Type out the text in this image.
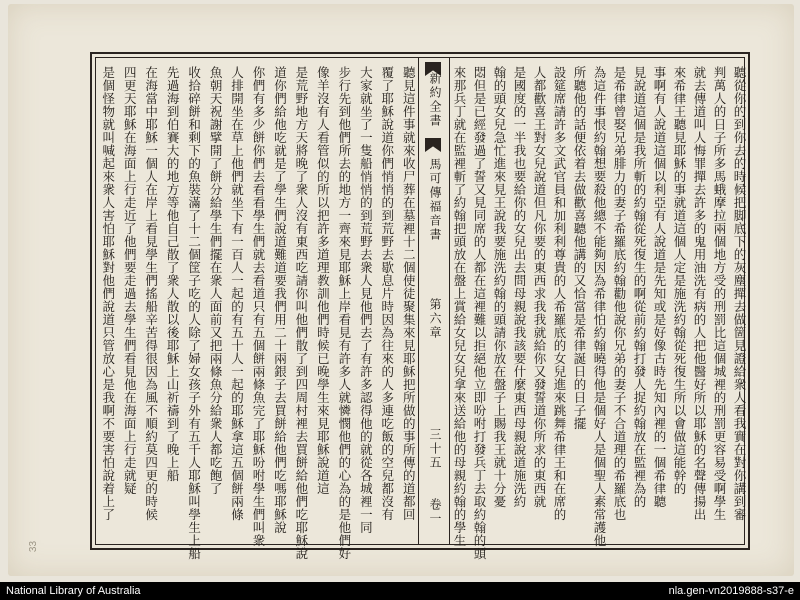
新約全書
馬可傳福音書
第六章
三十五
卷一	聽從你的到你去的時候把脚底下的灰塵撣去做箇見證給衆人看我實在對你講到審
判萬人的日子所多馬蛾摩拉兩個地方受的刑罰比這個城裡的刑罰更容易受啊學生
就去傳道叫人悔罪撣去許多的鬼用油洗有病的人把他醫好所以耶穌的名聲傳揚出
來希律王聽見耶穌的事就道這個人定是施洗約翰從死復生所以會做這能幹的
事啊有人說道這個以利亞有人說道是先知或是好像古時先知內裡的一個希律聽
見說道這個是我所斬的約翰從死復生的啊從前約翰打發人捉約翰放在監裡為的
是希律曾娶兄弟腓力的妻子希羅底約翰勸他說你兄弟的妻子不合道理的希羅底也
為這件事恨約翰想要殺他總不能夠因為希律怕約翰曉得他是個好人是個聖人素常護他
所聽他的話便依着去做歡喜聽他講的又恰當是希律誕日的日子擺
設筵席請許多文武官員和加利利尊貴的人希羅底的女兒進來跳舞希律王和在席的
人都歡喜王對女兒說道但凡你要的東西求我我就給你又發誓道你所求的東西就
是國度的一半我也要給你的女兒出去問母親說我該要什麼東西母親說道施洗約
翰的頭女兒急忙進來見王說我要施洗約翰的頭請你放在盤子上賜我王就十分憂
悶但是已經發過了誓又見同席的人都在這裡難以拒絕他立即吩咐打發兵丁去取約翰的頭
來那兵丁就在監裡斬了約翰把頭放在盤上賞給女兒女兒拿來送給他的母親約翰的學生
聽見這件事就來收尸葬在墓裡十二個使徒聚集來見耶穌把所做的事所傳的道都回
覆了耶穌說道你們悄悄的到荒野去歇息片時因為往來的人多連吃飯的空兒都沒有
大家就坐了一隻船悄悄的到荒野去衆人見他們去了有許多認得他的就從各城裡一同
步行先到他們所去的地方一齊來見耶穌上岸看見有許多人就憐憫他們的心為的是他們好
像羊沒有人看管似的所以把許多道理教訓他們時候已晚學生來見耶穌說道這
是荒野地方天將晚了衆人沒有東西吃請你叫他們散了到四周村裡去買餅給他們吃耶穌說
道你們給他吃就是了學生們說道難道要我們用二十兩銀子去買餅給他們吃嗎耶穌說
你們有多少餅你們去看看學生們就去看道只有五個餅兩條魚完了耶穌吩咐學生們叫衆
人排開坐在草上他們就坐下有一百人一起的有五十人一起的耶穌拿這五個餅兩條
魚朝天祝謝擘開了餅分給學生們擺在衆人面前又把兩條魚分給衆人都吃飽了
收拾碎餅和剩下的魚裝滿了十二個筐子吃的人除了婦女孩子外有五千人耶穌叫學生上船
先過海到伯賽大的地方等他自己散了衆人散以後耶穌上山祈禱到了晚上船
在海當中耶穌一個人在岸上看見學生們搖船辛苦得很因為風不順約莫四更的時候
四更天耶穌在海面上行走近了他們要走過去學生們看見他在海面上行走就疑
是個怪物就叫喊起來衆人害怕耶穌對他們說道只管放心是我啊不要害怕說着上了
33
National Library of Australia	nla.gen-vn2019888-s37-e
